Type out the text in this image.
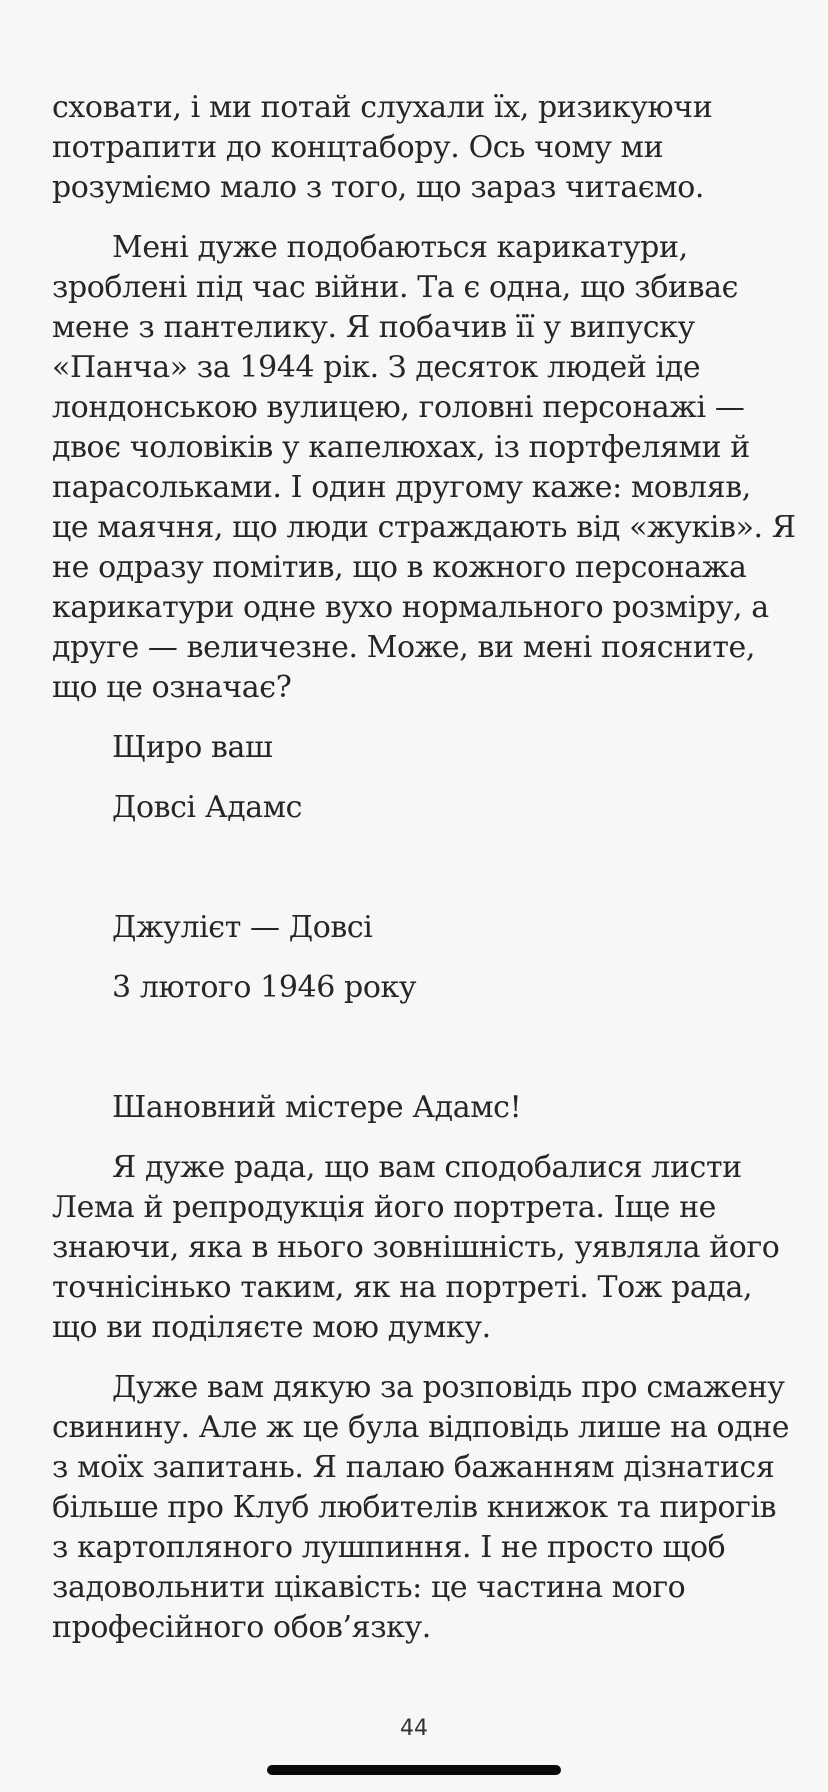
сховати, і ми потай слухали їх, ризикуючи
потрапити до концтабору. Ось чому ми
розуміємо мало з того, що зараз читаємо.
Мені дуже подобаються карикатури,
зроблені під час війни. Та є одна, що збиває
мене з пантелику. Я побачив її у випуску
«Панча» за 1944 рік. З десяток людей іде
лондонською вулицею, головні персонажі —
двоє чоловіків у капелюхах, із портфелями й
парасольками. І один другому каже: мовляв,
це маячня, що люди страждають від «жуків». Я
не одразу помітив, що в кожного персонажа
карикатури одне вухо нормального розміру, а
друге — величезне. Може, ви мені поясните,
що це означає?
Щиро ваш
Довсі Адамс
Джулієт — Довсі
3 лютого 1946 року
Шановний містере Адамс!
Я дуже рада, що вам сподобалися листи
Лема й репродукція його портрета. Іще не
знаючи, яка в нього зовнішність, уявляла його
точнісінько таким, як на портреті. Тож рада,
що ви поділяєте мою думку.
Дуже вам дякую за розповідь про смажену
свинину. Але ж це була відповідь лише на одне
з моїх запитань. Я палаю бажанням дізнатися
більше про Клуб любителів книжок та пирогів
з картопляного лушпиння. І не просто щоб
задовольнити цікавість: це частина мого
професійного обов’язку.
44
